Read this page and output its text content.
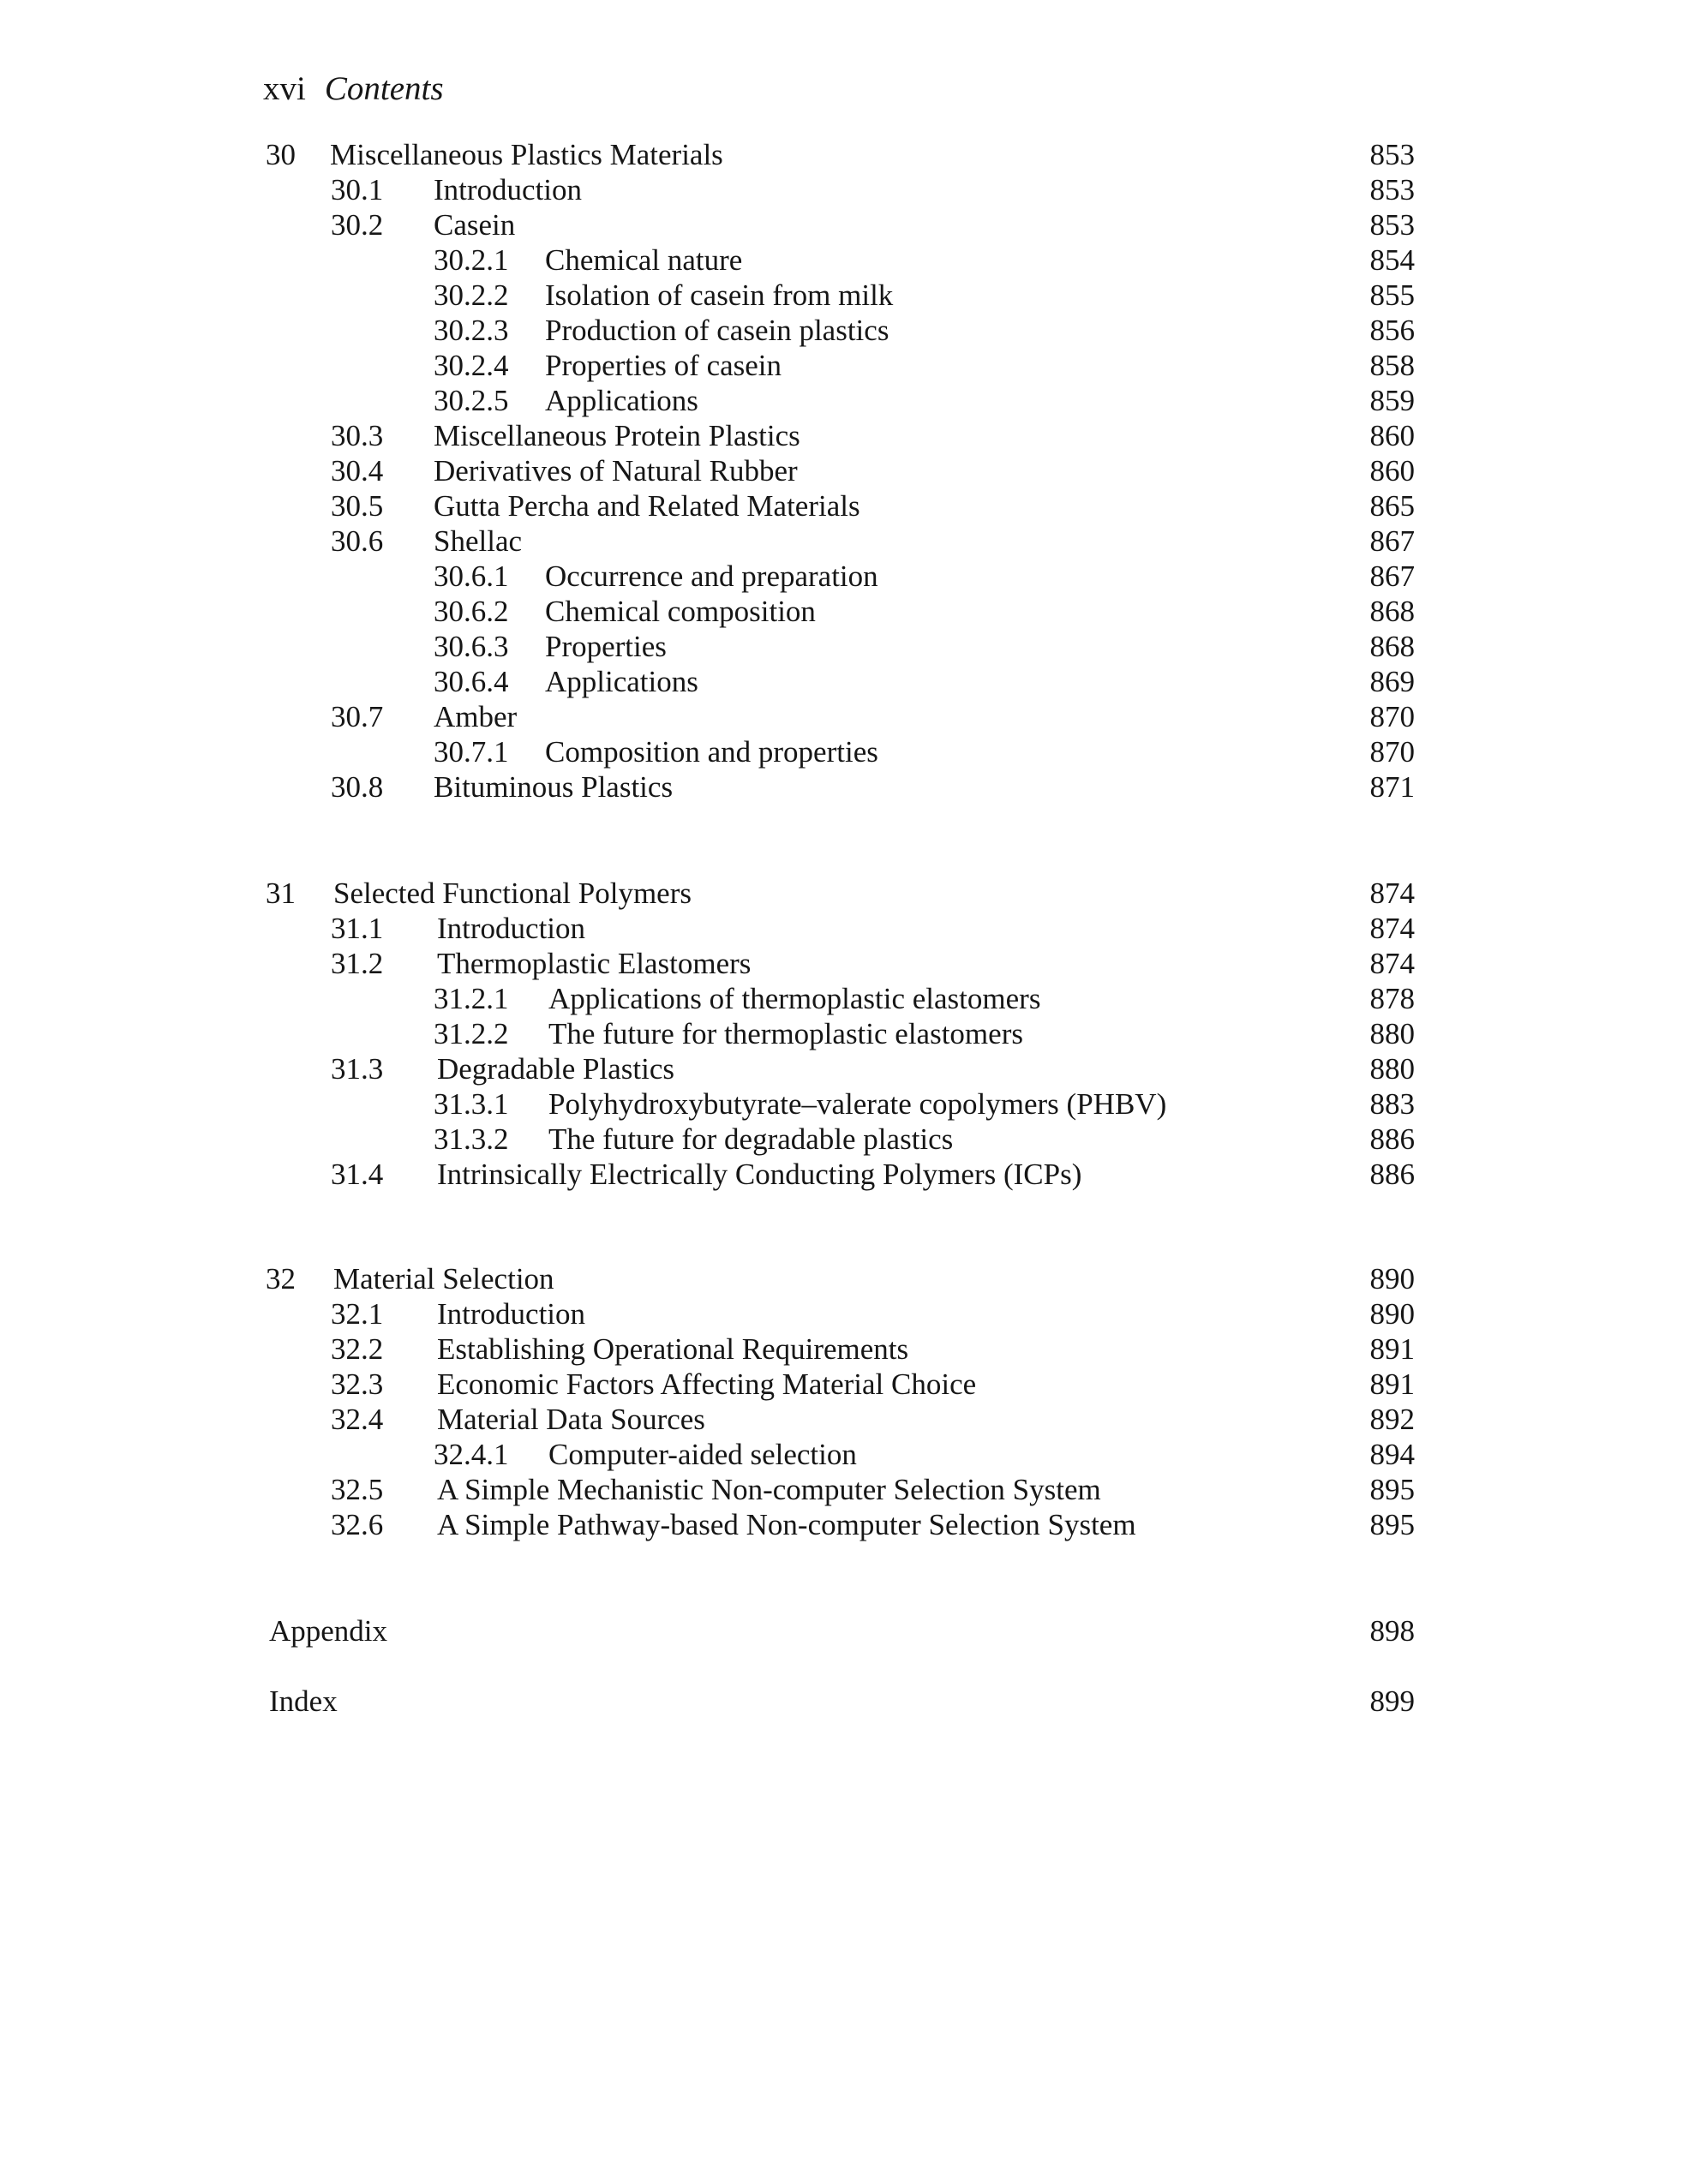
xvi Contents
30 Miscellaneous Plastics Materials	853
30.1 Introduction	853
30.2 Casein	853
30.2.1 Chemical nature	854
30.2.2 Isolation of casein from milk	855
30.2.3 Production of casein plastics	856
30.2.4 Properties of casein	858
30.2.5 Applications	859
30.3 Miscellaneous Protein Plastics	860
30.4 Derivatives of Natural Rubber	860
30.5 Gutta Percha and Related Materials	865
30.6 Shellac	867
30.6.1 Occurrence and preparation	867
30.6.2 Chemical composition	868
30.6.3 Properties	868
30.6.4 Applications	869
30.7 Amber	870
30.7.1 Composition and properties	870
30.8 Bituminous Plastics	871
31 Selected Functional Polymers	874
31.1 Introduction	874
31.2 Thermoplastic Elastomers	874
31.2.1 Applications of thermoplastic elastomers	878
31.2.2 The future for thermoplastic elastomers	880
31.3 Degradable Plastics	880
31.3.1 Polyhydroxybutyrate–valerate copolymers (PHBV)	883
31.3.2 The future for degradable plastics	886
31.4 Intrinsically Electrically Conducting Polymers (ICPs)	886
32 Material Selection	890
32.1 Introduction	890
32.2 Establishing Operational Requirements	891
32.3 Economic Factors Affecting Material Choice	891
32.4 Material Data Sources	892
32.4.1 Computer-aided selection	894
32.5 A Simple Mechanistic Non-computer Selection System	895
32.6 A Simple Pathway-based Non-computer Selection System	895
Appendix	898
Index	899
